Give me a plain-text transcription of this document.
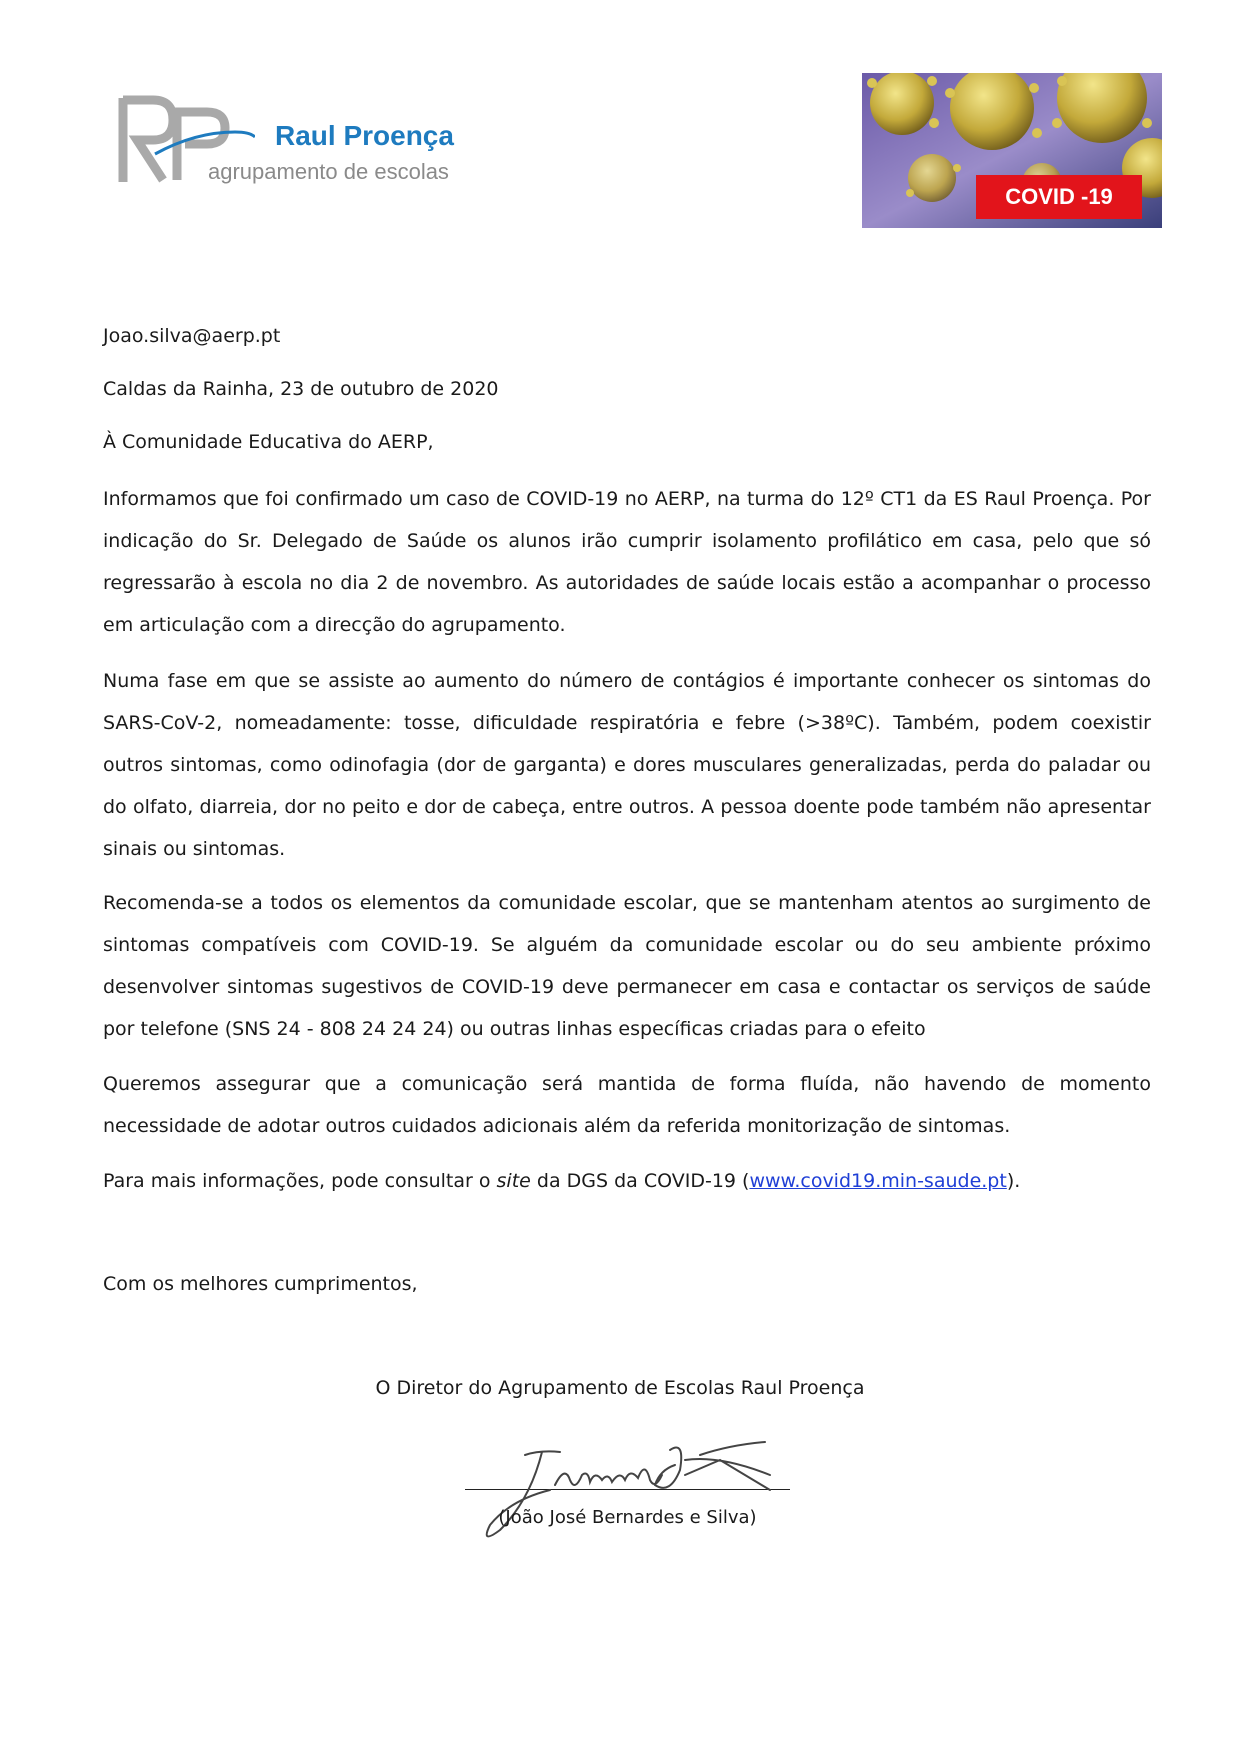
Raul Proença
agrupamento de escolas
COVID -19
Joao.silva@aerp.pt
Caldas da Rainha, 23 de outubro de 2020
À Comunidade Educativa do AERP,

Informamos que foi confirmado um caso de COVID-19 no AERP, na turma do 12º CT1 da ES Raul Proença. Por indicação do Sr. Delegado de Saúde os alunos irão cumprir isolamento profilático em casa, pelo que só regressarão à escola no dia 2 de novembro. As autoridades de saúde locais estão a acompanhar o processo em articulação com a direcção do agrupamento.

Numa fase em que se assiste ao aumento do número de contágios é importante conhecer os sintomas do SARS-CoV-2, nomeadamente: tosse, dificuldade respiratória e febre (>38ºC). Também, podem coexistir outros sintomas, como odinofagia (dor de garganta) e dores musculares generalizadas, perda do paladar ou do olfato, diarreia, dor no peito e dor de cabeça, entre outros. A pessoa doente pode também não apresentar sinais ou sintomas.

Recomenda-se a todos os elementos da comunidade escolar, que se mantenham atentos ao surgimento de sintomas compatíveis com COVID-19. Se alguém da comunidade escolar ou do seu ambiente próximo desenvolver sintomas sugestivos de COVID-19 deve permanecer em casa e contactar os serviços de saúde por telefone (SNS 24 - 808 24 24 24) ou outras linhas específicas criadas para o efeito

Queremos assegurar que a comunicação será mantida de forma fluída, não havendo de momento necessidade de adotar outros cuidados adicionais além da referida monitorização de sintomas.

Para mais informações, pode consultar o site da DGS da COVID-19 (www.covid19.min-saude.pt).

Com os melhores cumprimentos,
O Diretor do Agrupamento de Escolas Raul Proença
(João José Bernardes e Silva)
